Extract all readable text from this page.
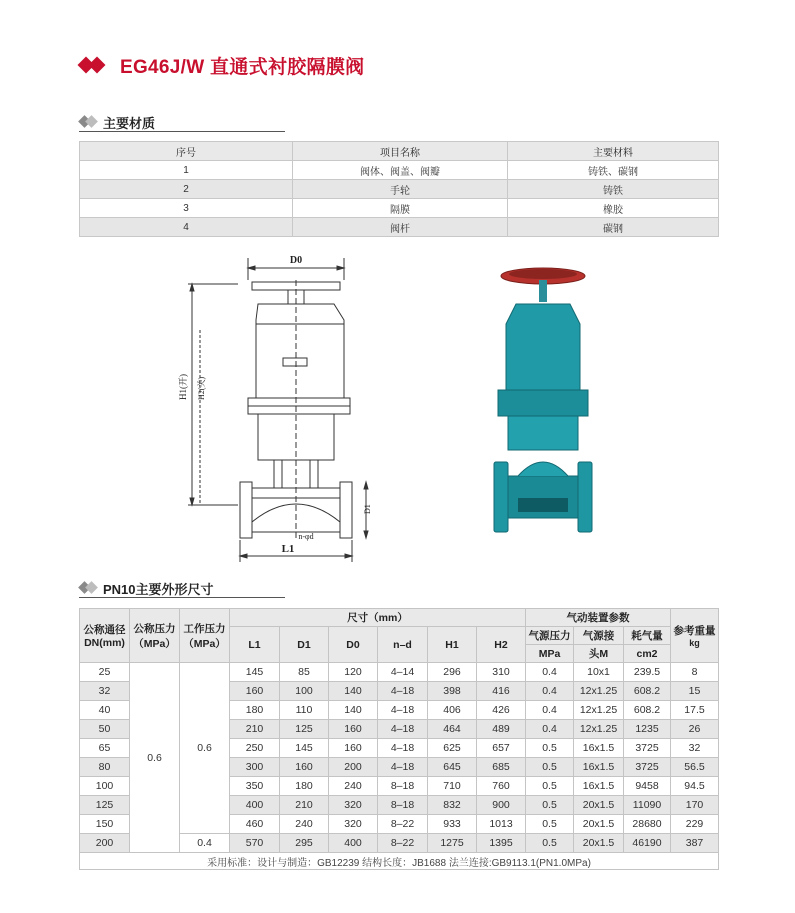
EG46J/W 直通式衬胶隔膜阀
主要材质
序号	项目名称	主要材料
1	阀体、阀盖、阀瓣	铸铁、碳钢
2	手轮	铸铁
3	隔膜	橡胶
4	阀杆	碳钢
D0
H1(开) H2(关)
L1
n-φd
D1
PN10主要外形尺寸
公称通径DN(mm)	公称压力（MPa）	工作压力（MPa）	尺寸（mm）						气动装置参数			参考重量
kg

			L1	D1	D0	n–d	H1	H2	气源压力	气源接	耗气量	
									MPa	头M	cm2	
25	0.6	0.6	145	85	120	4–14	296	310	0.4	10x1	239.5	8
32			160	100	140	4–18	398	416	0.4	12x1.25	608.2	15
40			180	110	140	4–18	406	426	0.4	12x1.25	608.2	17.5
50			210	125	160	4–18	464	489	0.4	12x1.25	1235	26
65			250	145	160	4–18	625	657	0.5	16x1.5	3725	32
80			300	160	200	4–18	645	685	0.5	16x1.5	3725	56.5
100			350	180	240	8–18	710	760	0.5	16x1.5	9458	94.5
125			400	210	320	8–18	832	900	0.5	20x1.5	11090	170
150			460	240	320	8–22	933	1013	0.5	20x1.5	28680	229
200		0.4	570	295	400	8–22	1275	1395	0.5	20x1.5	46190	387
采用标准：设计与制造：GB12239 结构长度：JB1688 法兰连接:GB9113.1(PN1.0MPa)												
